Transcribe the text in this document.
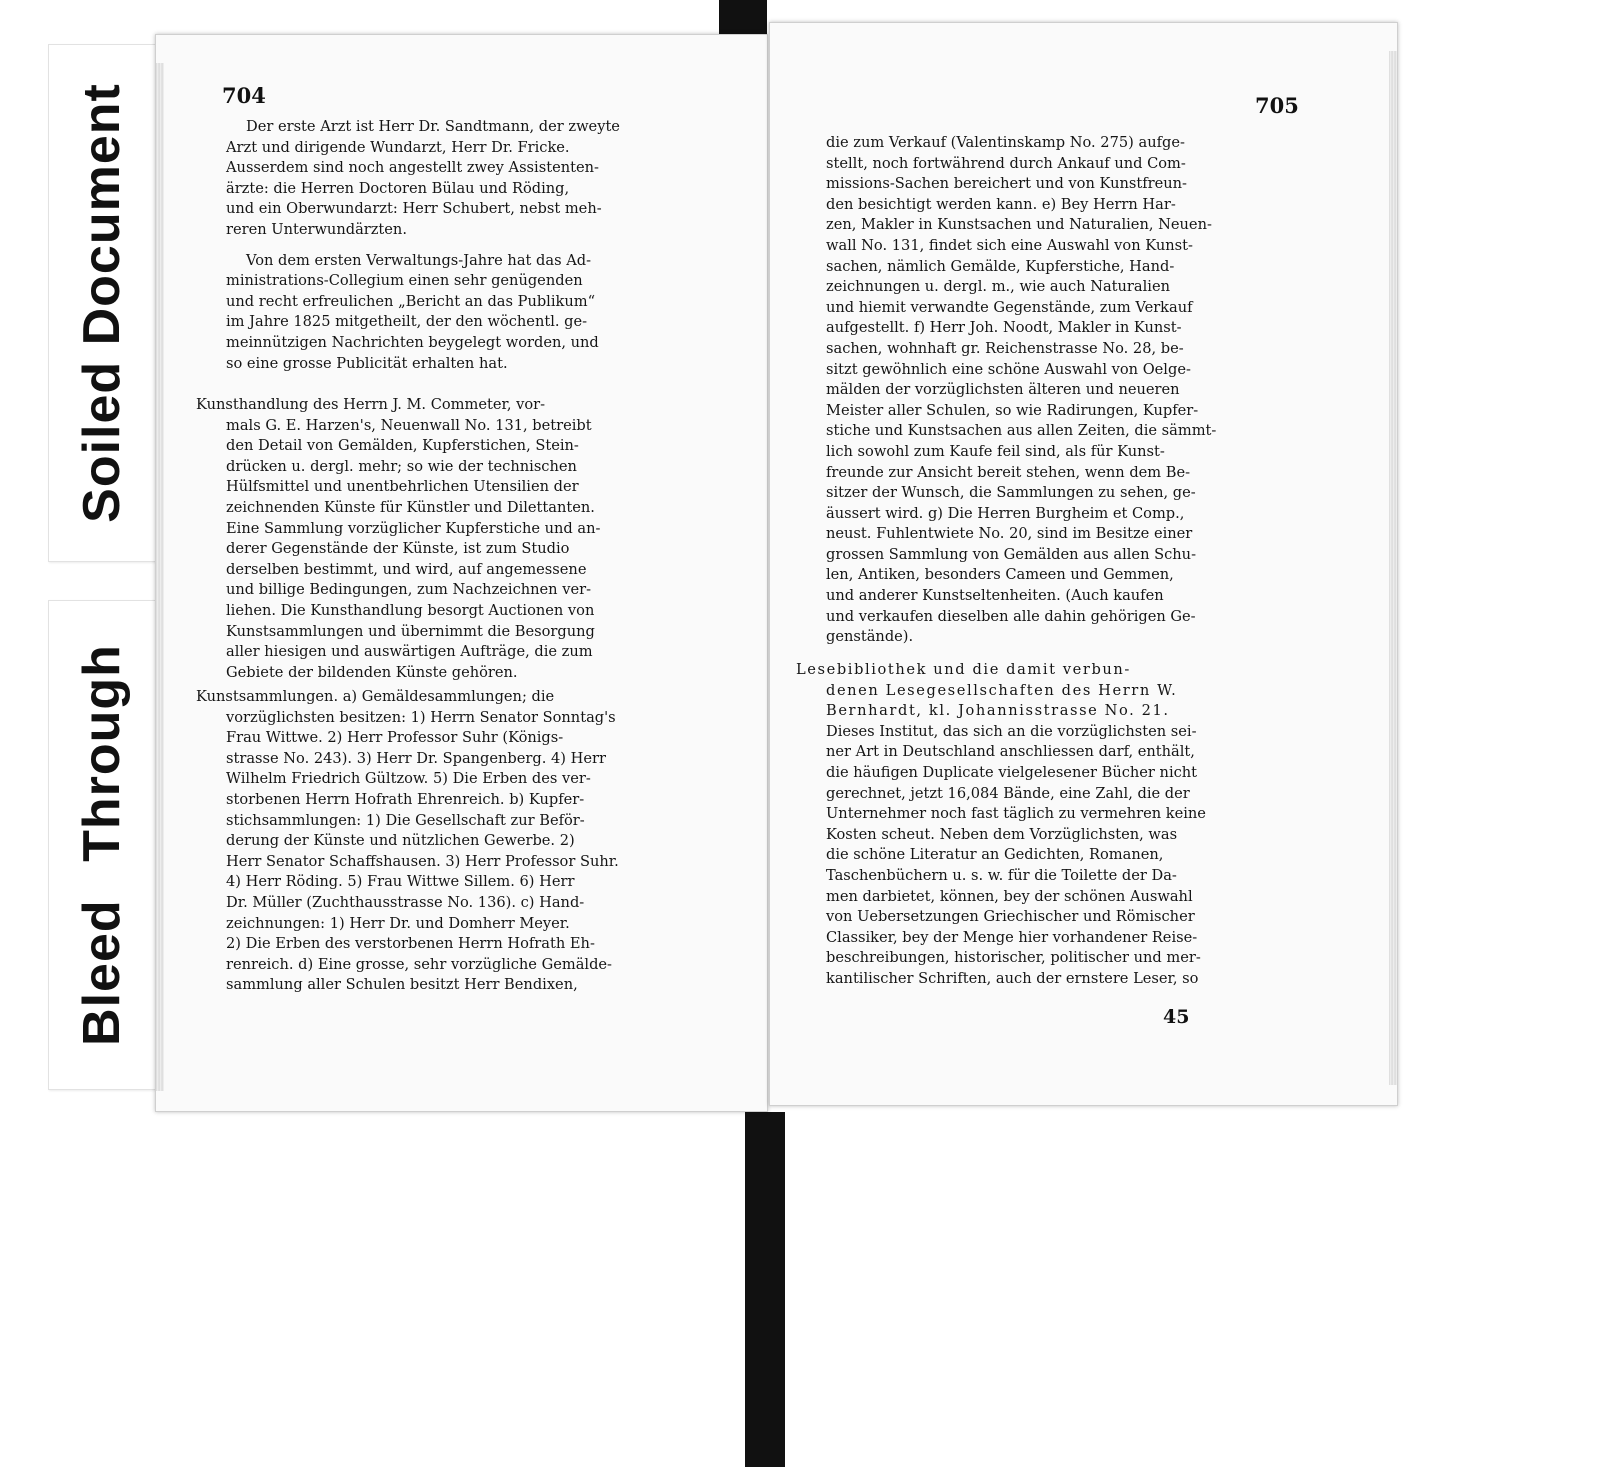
Soiled Document
Bleed Through
704
Der erste Arzt ist Herr Dr. Sandtmann, der zweyte
Arzt und dirigende Wundarzt, Herr Dr. Fricke.
Ausserdem sind noch angestellt zwey Assistenten-
ärzte: die Herren Doctoren Bülau und Röding,
und ein Oberwundarzt: Herr Schubert, nebst meh-
reren Unterwundärzten.
Von dem ersten Verwaltungs-Jahre hat das Ad-
ministrations-Collegium einen sehr genügenden
und recht erfreulichen „Bericht an das Publikum“
im Jahre 1825 mitgetheilt, der den wöchentl. ge-
meinnützigen Nachrichten beygelegt worden, und
so eine grosse Publicität erhalten hat.
Kunsthandlung des Herrn J. M. Commeter, vor-
mals G. E. Harzen's, Neuenwall No. 131, betreibt
den Detail von Gemälden, Kupferstichen, Stein-
drücken u. dergl. mehr; so wie der technischen
Hülfsmittel und unentbehrlichen Utensilien der
zeichnenden Künste für Künstler und Dilettanten.
Eine Sammlung vorzüglicher Kupferstiche und an-
derer Gegenstände der Künste, ist zum Studio
derselben bestimmt, und wird, auf angemessene
und billige Bedingungen, zum Nachzeichnen ver-
liehen. Die Kunsthandlung besorgt Auctionen von
Kunstsammlungen und übernimmt die Besorgung
aller hiesigen und auswärtigen Aufträge, die zum
Gebiete der bildenden Künste gehören.
Kunstsammlungen. a) Gemäldesammlungen; die
vorzüglichsten besitzen: 1) Herrn Senator Sonntag's
Frau Wittwe. 2) Herr Professor Suhr (Königs-
strasse No. 243). 3) Herr Dr. Spangenberg. 4) Herr
Wilhelm Friedrich Gültzow. 5) Die Erben des ver-
storbenen Herrn Hofrath Ehrenreich. b) Kupfer-
stichsammlungen: 1) Die Gesellschaft zur Beför-
derung der Künste und nützlichen Gewerbe. 2)
Herr Senator Schaffshausen. 3) Herr Professor Suhr.
4) Herr Röding. 5) Frau Wittwe Sillem. 6) Herr
Dr. Müller (Zuchthausstrasse No. 136). c) Hand-
zeichnungen: 1) Herr Dr. und Domherr Meyer.
2) Die Erben des verstorbenen Herrn Hofrath Eh-
renreich. d) Eine grosse, sehr vorzügliche Gemälde-
sammlung aller Schulen besitzt Herr Bendixen,
705
die zum Verkauf (Valentinskamp No. 275) aufge-
stellt, noch fortwährend durch Ankauf und Com-
missions-Sachen bereichert und von Kunstfreun-
den besichtigt werden kann. e) Bey Herrn Har-
zen, Makler in Kunstsachen und Naturalien, Neuen-
wall No. 131, findet sich eine Auswahl von Kunst-
sachen, nämlich Gemälde, Kupferstiche, Hand-
zeichnungen u. dergl. m., wie auch Naturalien
und hiemit verwandte Gegenstände, zum Verkauf
aufgestellt. f) Herr Joh. Noodt, Makler in Kunst-
sachen, wohnhaft gr. Reichenstrasse No. 28, be-
sitzt gewöhnlich eine schöne Auswahl von Oelge-
mälden der vorzüglichsten älteren und neueren
Meister aller Schulen, so wie Radirungen, Kupfer-
stiche und Kunstsachen aus allen Zeiten, die sämmt-
lich sowohl zum Kaufe feil sind, als für Kunst-
freunde zur Ansicht bereit stehen, wenn dem Be-
sitzer der Wunsch, die Sammlungen zu sehen, ge-
äussert wird. g) Die Herren Burgheim et Comp.,
neust. Fuhlentwiete No. 20, sind im Besitze einer
grossen Sammlung von Gemälden aus allen Schu-
len, Antiken, besonders Cameen und Gemmen,
und anderer Kunstseltenheiten. (Auch kaufen
und verkaufen dieselben alle dahin gehörigen Ge-
genstände).
Lesebibliothek und die damit verbun-
denen Lesegesellschaften des Herrn W.
Bernhardt, kl. Johannisstrasse No. 21.
Dieses Institut, das sich an die vorzüglichsten sei-
ner Art in Deutschland anschliessen darf, enthält,
die häufigen Duplicate vielgelesener Bücher nicht
gerechnet, jetzt 16,084 Bände, eine Zahl, die der
Unternehmer noch fast täglich zu vermehren keine
Kosten scheut. Neben dem Vorzüglichsten, was
die schöne Literatur an Gedichten, Romanen,
Taschenbüchern u. s. w. für die Toilette der Da-
men darbietet, können, bey der schönen Auswahl
von Uebersetzungen Griechischer und Römischer
Classiker, bey der Menge hier vorhandener Reise-
beschreibungen, historischer, politischer und mer-
kantilischer Schriften, auch der ernstere Leser, so
45
